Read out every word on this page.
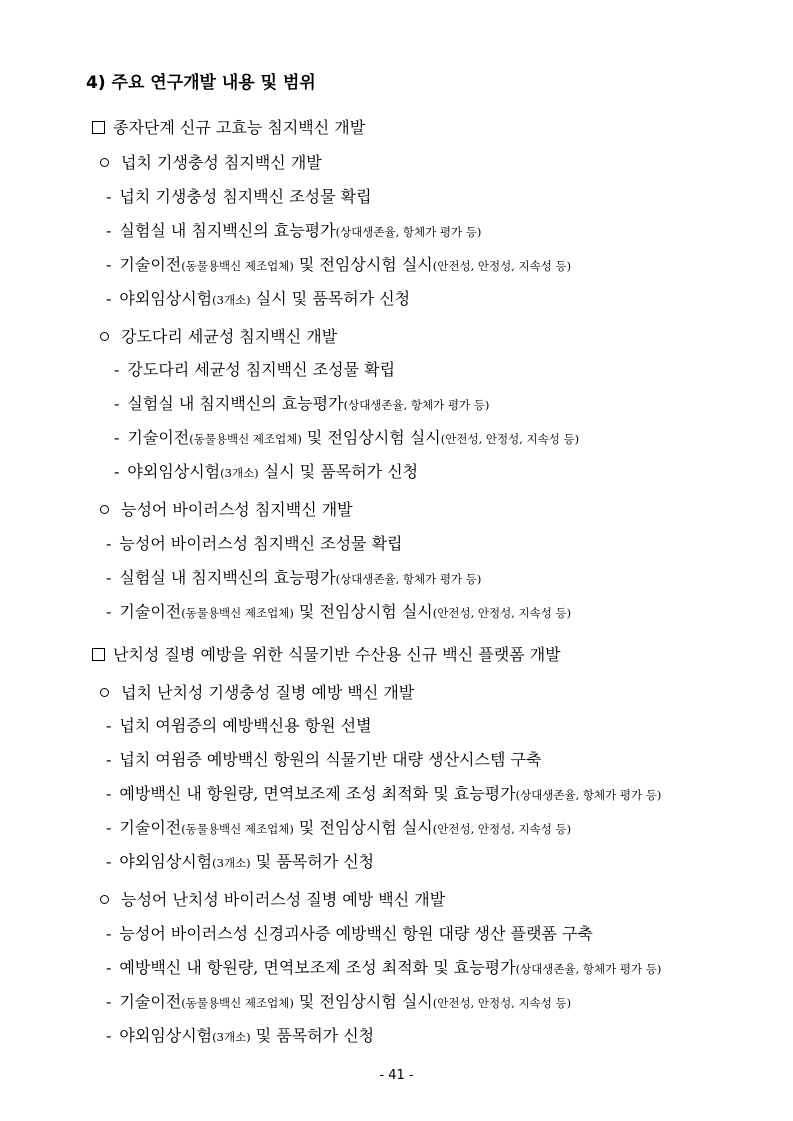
4) 주요 연구개발 내용 및 범위
종자단계 신규 고효능 침지백신 개발
넙치 기생충성 침지백신 개발
- 넙치 기생충성 침지백신 조성물 확립
- 실험실 내 침지백신의 효능평가(상대생존율, 항체가 평가 등)
- 기술이전(동물용백신 제조업체) 및 전임상시험 실시(안전성, 안정성, 지속성 등)
- 야외임상시험(3개소) 실시 및 품목허가 신청
강도다리 세균성 침지백신 개발
- 강도다리 세균성 침지백신 조성물 확립
- 실험실 내 침지백신의 효능평가(상대생존율, 항체가 평가 등)
- 기술이전(동물용백신 제조업체) 및 전임상시험 실시(안전성, 안정성, 지속성 등)
- 야외임상시험(3개소) 실시 및 품목허가 신청
능성어 바이러스성 침지백신 개발
- 능성어 바이러스성 침지백신 조성물 확립
- 실험실 내 침지백신의 효능평가(상대생존율, 항체가 평가 등)
- 기술이전(동물용백신 제조업체) 및 전임상시험 실시(안전성, 안정성, 지속성 등)
난치성 질병 예방을 위한 식물기반 수산용 신규 백신 플랫폼 개발
넙치 난치성 기생충성 질병 예방 백신 개발
- 넙치 여윔증의 예방백신용 항원 선별
- 넙치 여윔증 예방백신 항원의 식물기반 대량 생산시스템 구축
- 예방백신 내 항원량, 면역보조제 조성 최적화 및 효능평가(상대생존율, 항체가 평가 등)
- 기술이전(동물용백신 제조업체) 및 전임상시험 실시(안전성, 안정성, 지속성 등)
- 야외임상시험(3개소) 및 품목허가 신청
능성어 난치성 바이러스성 질병 예방 백신 개발
- 능성어 바이러스성 신경괴사증 예방백신 항원 대량 생산 플랫폼 구축
- 예방백신 내 항원량, 면역보조제 조성 최적화 및 효능평가(상대생존율, 항체가 평가 등)
- 기술이전(동물용백신 제조업체) 및 전임상시험 실시(안전성, 안정성, 지속성 등)
- 야외임상시험(3개소) 및 품목허가 신청
- 41 -
